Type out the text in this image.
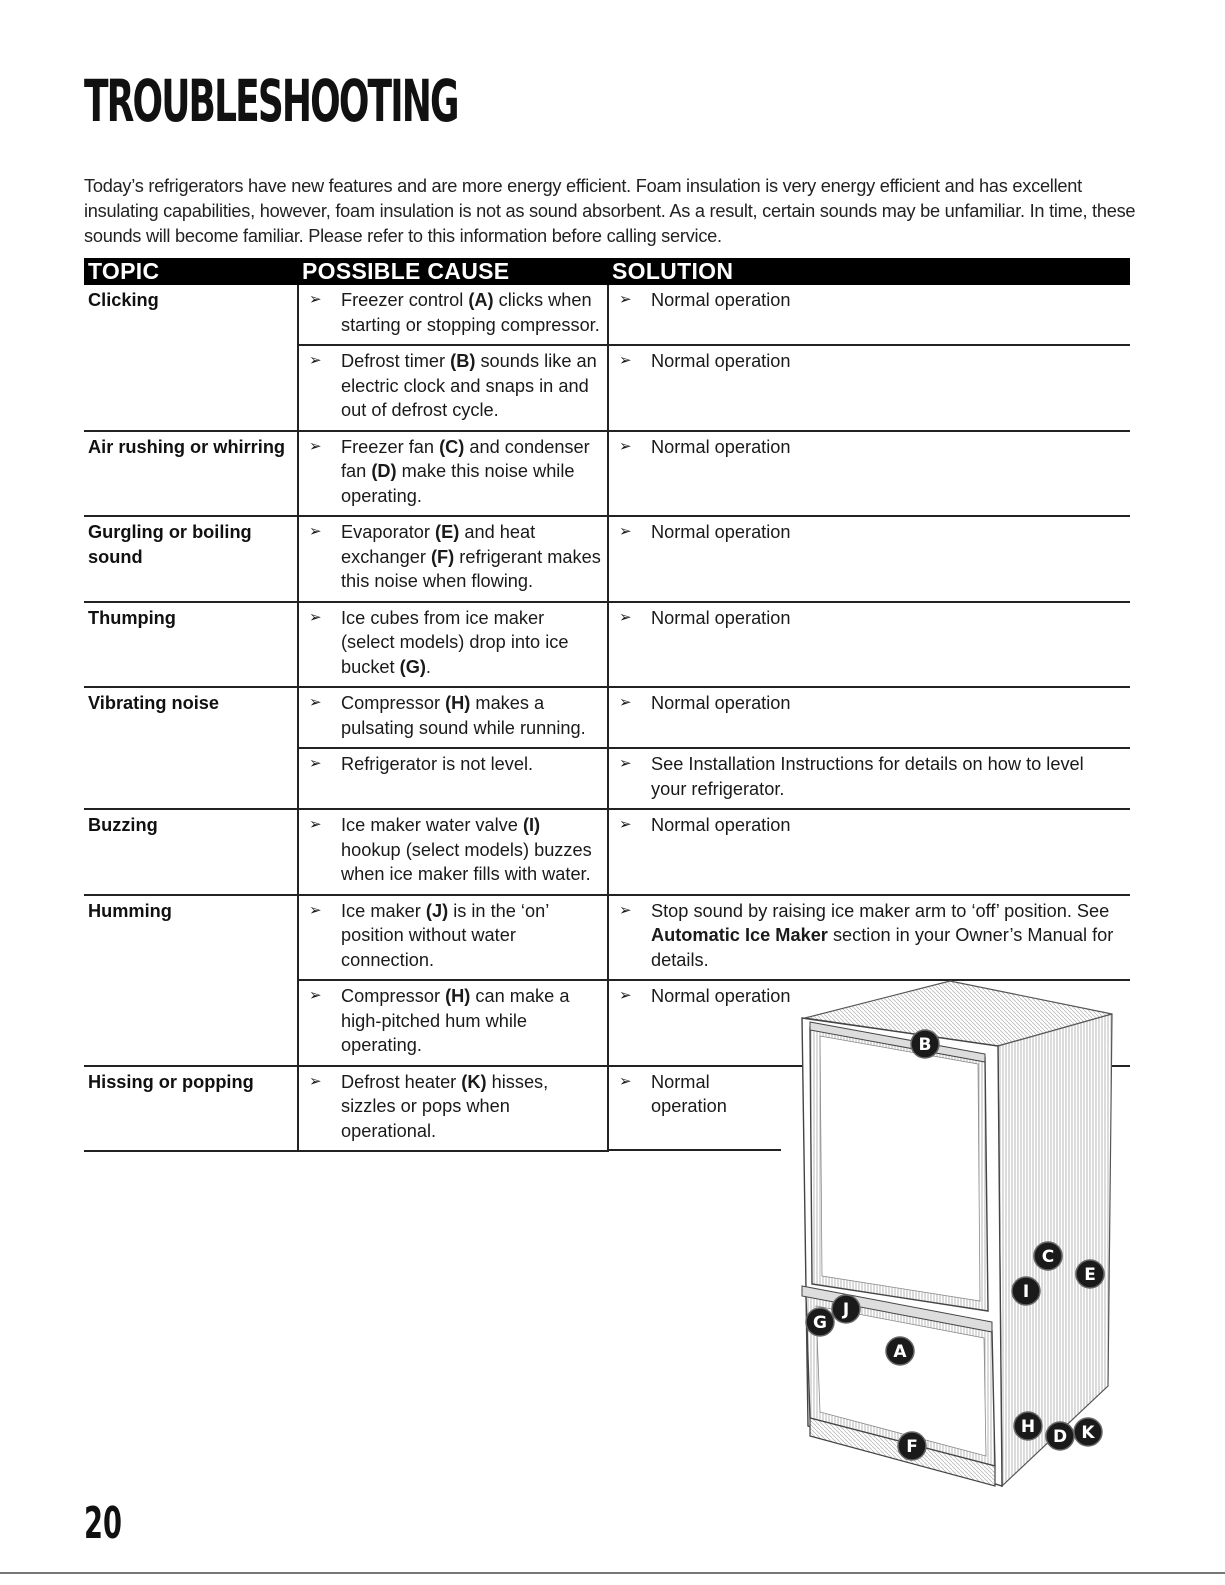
TROUBLESHOOTING

Today’s refrigerators have new features and are more energy efficient. Foam insulation is very energy efficient and has excellent insulating capabilities, however, foam insulation is not as sound absorbent. As a result, certain sounds may be unfamiliar. In time, these sounds will become familiar. Please refer to this information before calling service.

TOPIC	POSSIBLE CAUSE	SOLUTION
Clicking	➢ Freezer control (A) clicks when starting or stopping compressor.	➢ Normal operation

	➢ Defrost timer (B) sounds like an electric clock and snaps in and out of defrost cycle.	➢ Normal operation

Air rushing or whirring	➢ Freezer fan (C) and condenser fan (D) make this noise while operating.	➢ Normal operation

Gurgling or boiling sound	➢ Evaporator (E) and heat exchanger (F) refrigerant makes this noise when flowing.	➢ Normal operation

Thumping	➢ Ice cubes from ice maker (select models) drop into ice bucket (G).	➢ Normal operation

Vibrating noise	➢ Compressor (H) makes a pulsating sound while running.	➢ Normal operation

	➢ Refrigerator is not level.	➢ See Installation Instructions for details on how to level your refrigerator.

Buzzing	➢ Ice maker water valve (I) hookup (select models) buzzes when ice maker fills with water.	➢ Normal operation

Humming	➢ Ice maker (J) is in the ‘on’ position without water connection.	➢ Stop sound by raising ice maker arm to ‘off’ position. See Automatic Ice Maker section in your Owner’s Manual for details.

	➢ Compressor (H) can make a high-pitched hum while operating.	➢ Normal operation

Hissing or popping	➢ Defrost heater (K) hisses, sizzles or pops when operational.	➢ Normal operation
B
C
E
I
G
J
A
H D K
F
20
